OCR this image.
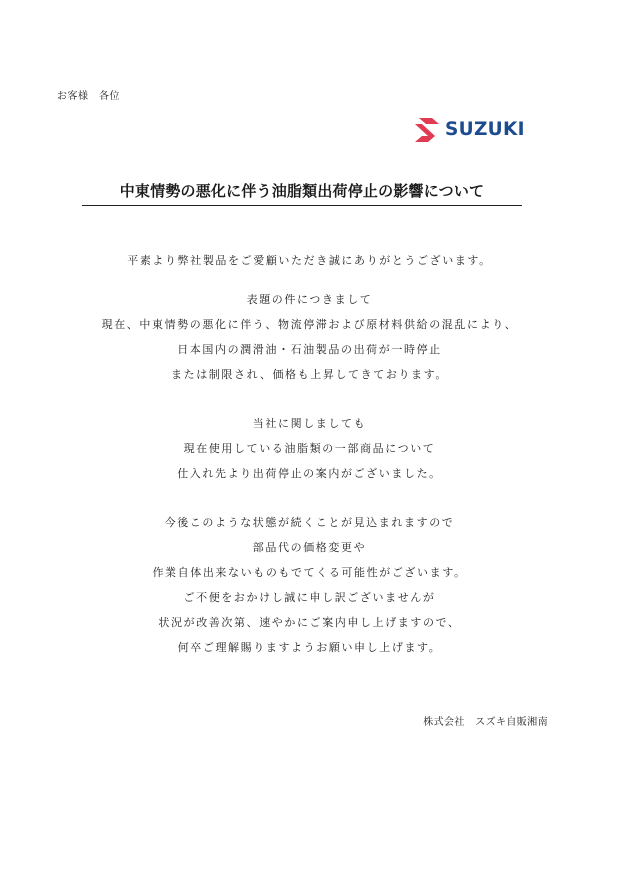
お客様　各位
SUZUKI
中東情勢の悪化に伴う油脂類出荷停止の影響について
平素より弊社製品をご愛顧いただき誠にありがとうございます。
表題の件につきまして
現在、中東情勢の悪化に伴う、物流停滞および原材料供給の混乱により、
日本国内の潤滑油・石油製品の出荷が一時停止
または制限され、価格も上昇してきております。
当社に関しましても
現在使用している油脂類の一部商品について
仕入れ先より出荷停止の案内がございました。
今後このような状態が続くことが見込まれますので
部品代の価格変更や
作業自体出来ないものもでてくる可能性がございます。
ご不便をおかけし誠に申し訳ございませんが
状況が改善次第、速やかにご案内申し上げますので、
何卒ご理解賜りますようお願い申し上げます。
株式会社　スズキ自販湘南
